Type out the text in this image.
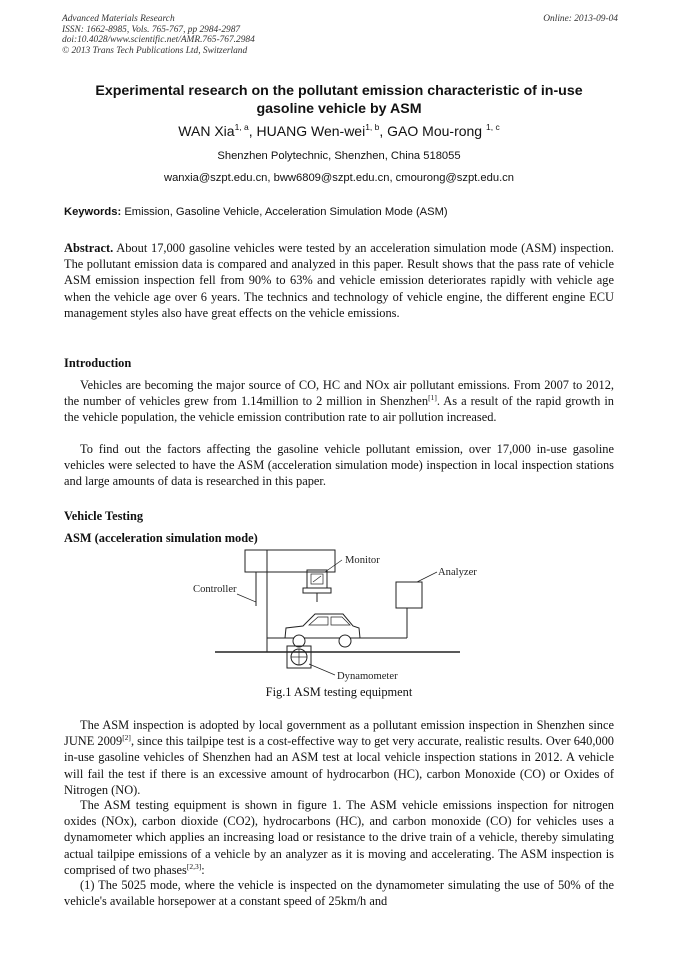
Advanced Materials Research
ISSN: 1662-8985, Vols. 765-767, pp 2984-2987
doi:10.4028/www.scientific.net/AMR.765-767.2984
© 2013 Trans Tech Publications Ltd, Switzerland
Online: 2013-09-04
Experimental research on the pollutant emission characteristic of in-use
gasoline vehicle by ASM
WAN Xia$^{1, a}$, HUANG Wen-wei$^{1, b}$, GAO Mou-rong $^{1, c}$
Shenzhen Polytechnic, Shenzhen, China 518055
wanxia@szpt.edu.cn, bww6809@szpt.edu.cn, cmourong@szpt.edu.cn
Keywords: Emission, Gasoline Vehicle, Acceleration Simulation Mode (ASM)
Abstract. About 17,000 gasoline vehicles were tested by an acceleration simulation mode (ASM) inspection. The pollutant emission data is compared and analyzed in this paper. Result shows that the pass rate of vehicle ASM emission inspection fell from 90% to 63% and vehicle emission deteriorates rapidly with vehicle age when the vehicle age over 6 years. The technics and technology of vehicle engine, the different engine ECU management styles also have great effects on the vehicle emissions.
Introduction
Vehicles are becoming the major source of CO, HC and NOx air pollutant emissions. From 2007 to 2012, the number of vehicles grew from 1.14million to 2 million in Shenzhen[1]. As a result of the rapid growth in the vehicle population, the vehicle emission contribution rate to air pollution increased.
To find out the factors affecting the gasoline vehicle pollutant emission, over 17,000 in-use gasoline vehicles were selected to have the ASM (acceleration simulation mode) inspection in local inspection stations and large amounts of data is researched in this paper.
Vehicle Testing
ASM (acceleration simulation mode)
Controller
Monitor
Analyzer
Dynamometer
Fig.1 ASM testing equipment
The ASM inspection is adopted by local government as a pollutant emission inspection in Shenzhen since JUNE 2009[2], since this tailpipe test is a cost-effective way to get very accurate, realistic results. Over 640,000 in-use gasoline vehicles of Shenzhen had an ASM test at local vehicle inspection stations in 2012. A vehicle will fail the test if there is an excessive amount of hydrocarbon (HC), carbon Monoxide (CO) or Oxides of Nitrogen (NO).
The ASM testing equipment is shown in figure 1. The ASM vehicle emissions inspection for nitrogen oxides (NOx), carbon dioxide (CO2), hydrocarbons (HC), and carbon monoxide (CO) for vehicles uses a dynamometer which applies an increasing load or resistance to the drive train of a vehicle, thereby simulating actual tailpipe emissions of a vehicle by an analyzer as it is moving and accelerating. The ASM inspection is comprised of two phases[2,3]:
(1) The 5025 mode, where the vehicle is inspected on the dynamometer simulating the use of 50% of the vehicle's available horsepower at a constant speed of 25km/h and
